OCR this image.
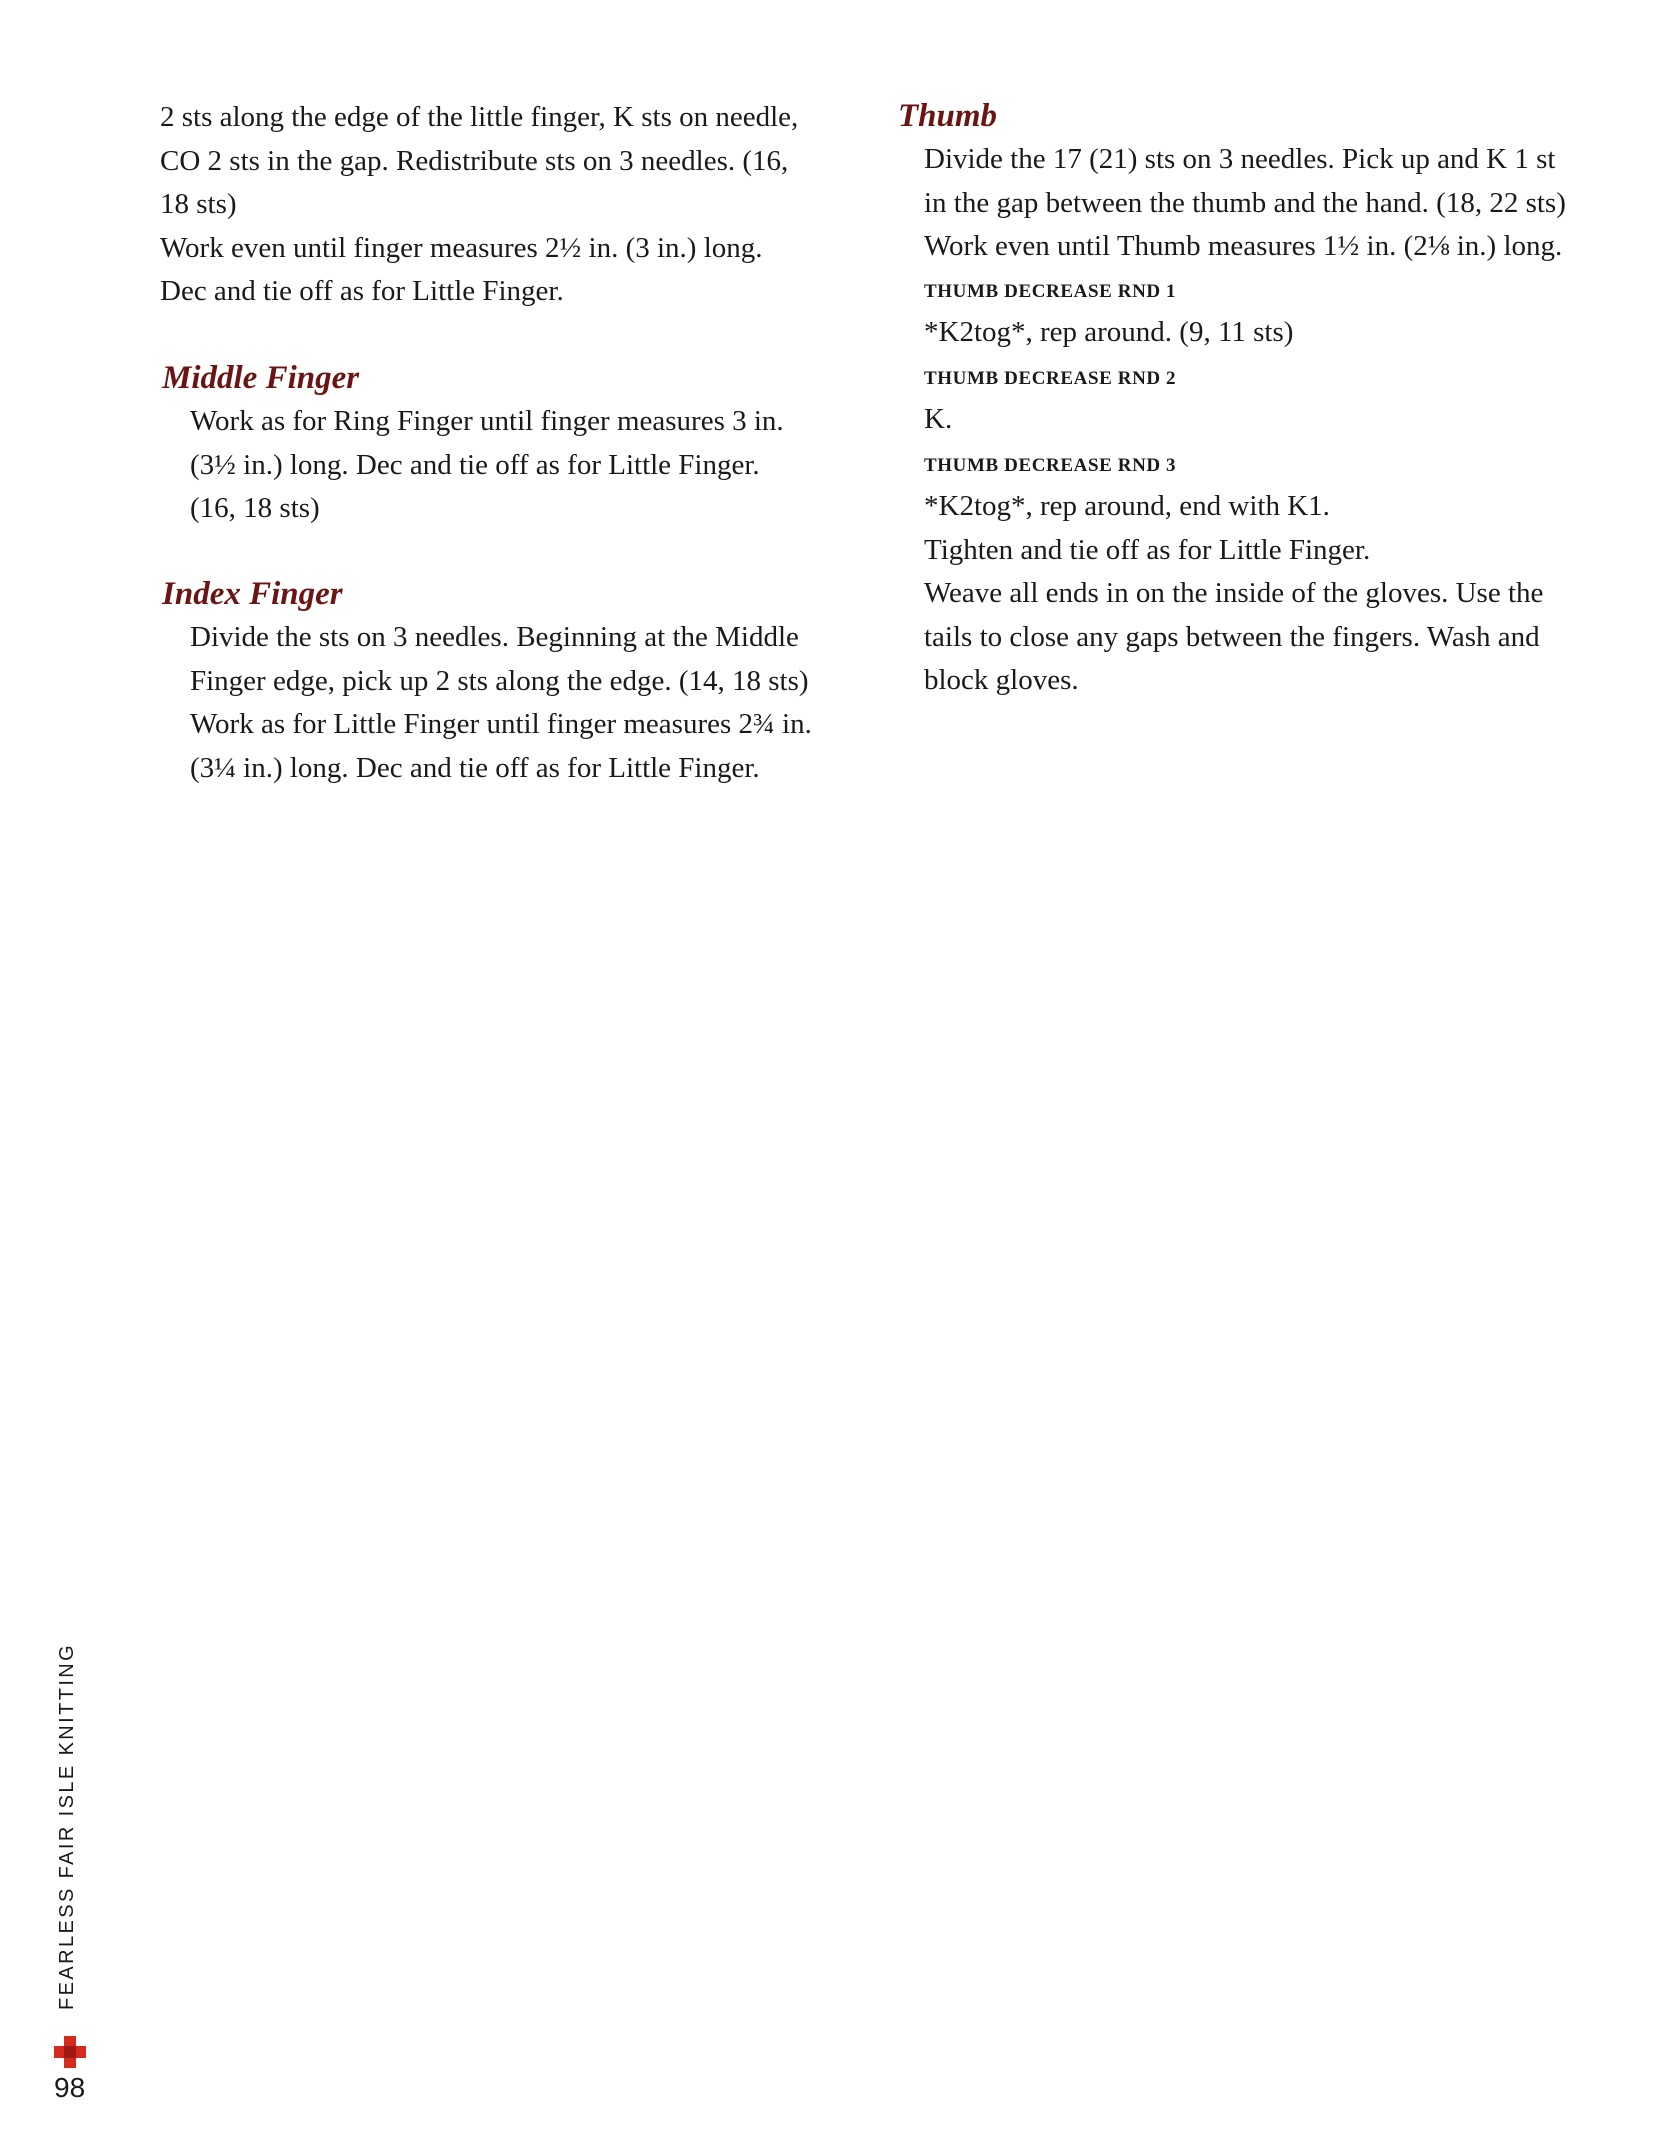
2 sts along the edge of the little finger, K sts on needle,
CO 2 sts in the gap. Redistribute sts on 3 needles. (16,
18 sts)
Work even until finger measures 2½ in. (3 in.) long.
Dec and tie off as for Little Finger.

Middle Finger

Work as for Ring Finger until finger measures 3 in.
(3½ in.) long. Dec and tie off as for Little Finger.
(16, 18 sts)

Index Finger

Divide the sts on 3 needles. Beginning at the Middle
Finger edge, pick up 2 sts along the edge. (14, 18 sts)
Work as for Little Finger until finger measures 2¾ in.
(3¼ in.) long. Dec and tie off as for Little Finger.

Thumb

Divide the 17 (21) sts on 3 needles. Pick up and K 1 st
in the gap between the thumb and the hand. (18, 22 sts)
Work even until Thumb measures 1½ in. (2⅛ in.) long.

THUMB DECREASE RND 1

*K2tog*, rep around. (9, 11 sts)

THUMB DECREASE RND 2

K.

THUMB DECREASE RND 3

*K2tog*, rep around, end with K1.
Tighten and tie off as for Little Finger.
Weave all ends in on the inside of the gloves. Use the
tails to close any gaps between the fingers. Wash and
block gloves.

FEARLESS FAIR ISLE KNITTING
98
